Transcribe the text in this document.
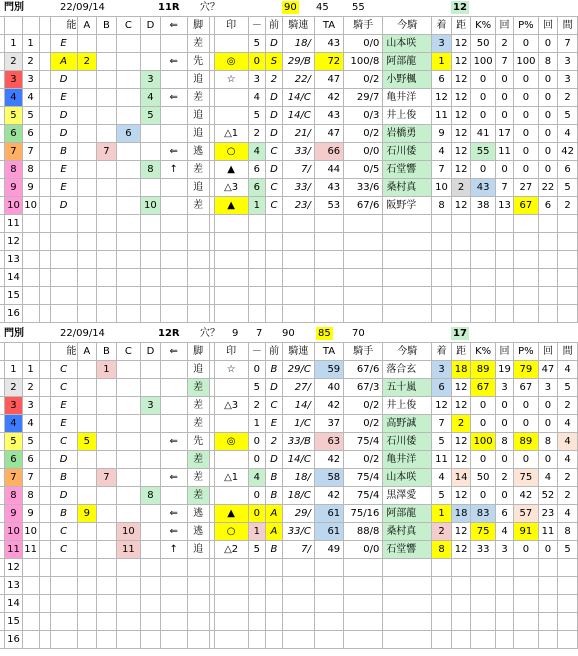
門別	22/09/14	11R 穴？	90 45 55	12
				能	A	B	C	D	⇐	脚		印	－	前	騎連	TA	騎手	今騎	着	距	K%	回	P%	回	間
	1	1		E						差			5	D	18/	43	0/0	山本咲	3	12	50	2	0	0	7
	2	2		A	2				⇐	先		◎	0	S	29/B	72	100/8	阿部龍	1	12	100	7	100	8	3
	3	3		D				3		追		☆	3	2	22/	47	0/2	小野楓	6	12	0	0	0	0	3
	4	4		E				4	⇐	差			4	D	14/C	42	29/7	亀井洋	12	12	0	0	0	0	2
	5	5		D				5		追			5	D	14/C	43	0/3	井上俊	11	12	0	0	0	0	5
	6	6		D			6			追		△1	2	D	21/	47	0/2	岩橋勇	9	12	41	17	0	0	4
	7	7		B		7			⇐	逃		○	4	C	33/	66	0/0	石川倭	4	12	55	11	0	0	42
	8	8		E				8	↑	差		▲	6	D	7/	44	0/5	石堂響	7	12	0	0	0	0	6
	9	9		E						追		△3	6	C	33/	43	33/6	桑村真	10	2	43	7	27	22	5
	10	10		D				10		差		▲	1	C	23/	53	67/6	阪野学	8	12	38	13	67	6	2
	11																								
	12																								
	13																								
	14																								
	15																								
	16																								
門別	22/09/14	12R 穴？ 9 7 90 85 70	17
				能	A	B	C	D	⇐	脚		印	－	前	騎連	TA	騎手	今騎	着	距	K%	回	P%	回	間
	1	1		C		1				追		☆	0	B	29/C	59	67/6	落合玄	3	18	89	19	79	47	4
	2	2		C						差			5	D	27/	40	67/3	五十嵐	6	12	67	3	67	3	5
	3	3		E				3		差		△3	2	C	14/	42	0/2	井上俊	12	12	0	0	0	0	2
	4	4		E						差			1	E	1/C	37	0/2	高野誠	7	2	0	0	0	0	4
	5	5		C	5				⇐	先		◎	0	2	33/B	63	75/4	石川倭	5	12	100	8	89	8	4
	6	6		D						差			0	D	14/C	42	0/2	亀井洋	11	12	0	0	0	0	4
	7	7		B		7			⇐	差		△1	4	B	18/	58	75/4	山本咲	4	14	50	2	75	4	2
	8	8		D				8		差			0	B	18/C	42	75/4	黒澤愛	5	12	0	0	42	52	2
	9	9		B	9				⇐	逃		▲	0	A	29/	61	75/16	阿部龍	1	18	83	6	57	23	4
	10	10		C			10		⇐	逃		○	1	A	33/C	61	88/8	桑村真	2	12	75	4	91	11	8
	11	11		C			11		↑	追		△2	5	B	7/	49	0/0	石堂響	8	12	33	3	0	0	5
	12																								
	13																								
	14																								
	15																								
	16																								
